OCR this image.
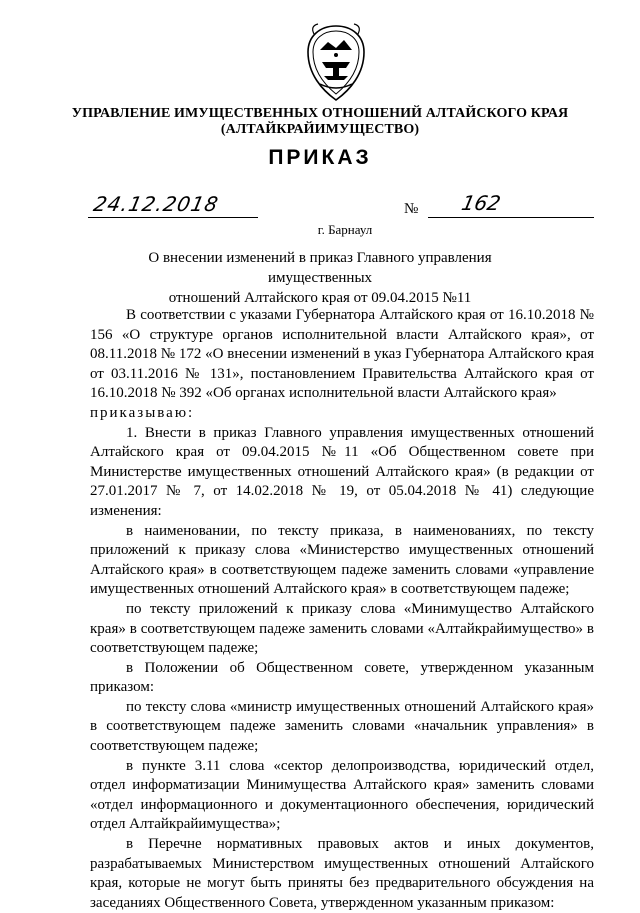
УПРАВЛЕНИЕ ИМУЩЕСТВЕННЫХ ОТНОШЕНИЙ АЛТАЙСКОГО КРАЯ
(АЛТАЙКРАЙИМУЩЕСТВО)
ПРИКАЗ
24.12.2018	№ 162
г. Барнаул
О внесении изменений в приказ Главного управления имущественных
отношений Алтайского края от 09.04.2015 №11

В соответствии с указами Губернатора Алтайского края от 16.10.2018 № 156 «О структуре органов исполнительной власти Алтайского края», от 08.11.2018 № 172 «О внесении изменений в указ Губернатора Алтайского края от 03.11.2016 № 131», постановлением Правительства Алтайского края от 16.10.2018 № 392 «Об органах исполнительной власти Алтайского края»

приказываю:

1. Внести в приказ Главного управления имущественных отношений Алтайского края от 09.04.2015 №11 «Об Общественном совете при Министерстве имущественных отношений Алтайского края» (в редакции от 27.01.2017 № 7, от 14.02.2018 № 19, от 05.04.2018 № 41) следующие изменения:

в наименовании, по тексту приказа, в наименованиях, по тексту приложений к приказу слова «Министерство имущественных отношений Алтайского края» в соответствующем падеже заменить словами «управление имущественных отношений Алтайского края» в соответствующем падеже;

по тексту приложений к приказу слова «Минимущество Алтайского края» в соответствующем падеже заменить словами «Алтайкрайимущество» в соответствующем падеже;

в Положении об Общественном совете, утвержденном указанным приказом:

по тексту слова «министр имущественных отношений Алтайского края» в соответствующем падеже заменить словами «начальник управления» в соответствующем падеже;

в пункте 3.11 слова «сектор делопроизводства, юридический отдел, отдел информатизации Минимущества Алтайского края» заменить словами «отдел информационного и документационного обеспечения, юридический отдел Алтайкрайимущества»;

в Перечне нормативных правовых актов и иных документов, разрабатываемых Министерством имущественных отношений Алтайского края, которые не могут быть приняты без предварительного обсуждения на заседаниях Общественного Совета, утвержденном указанным приказом:
